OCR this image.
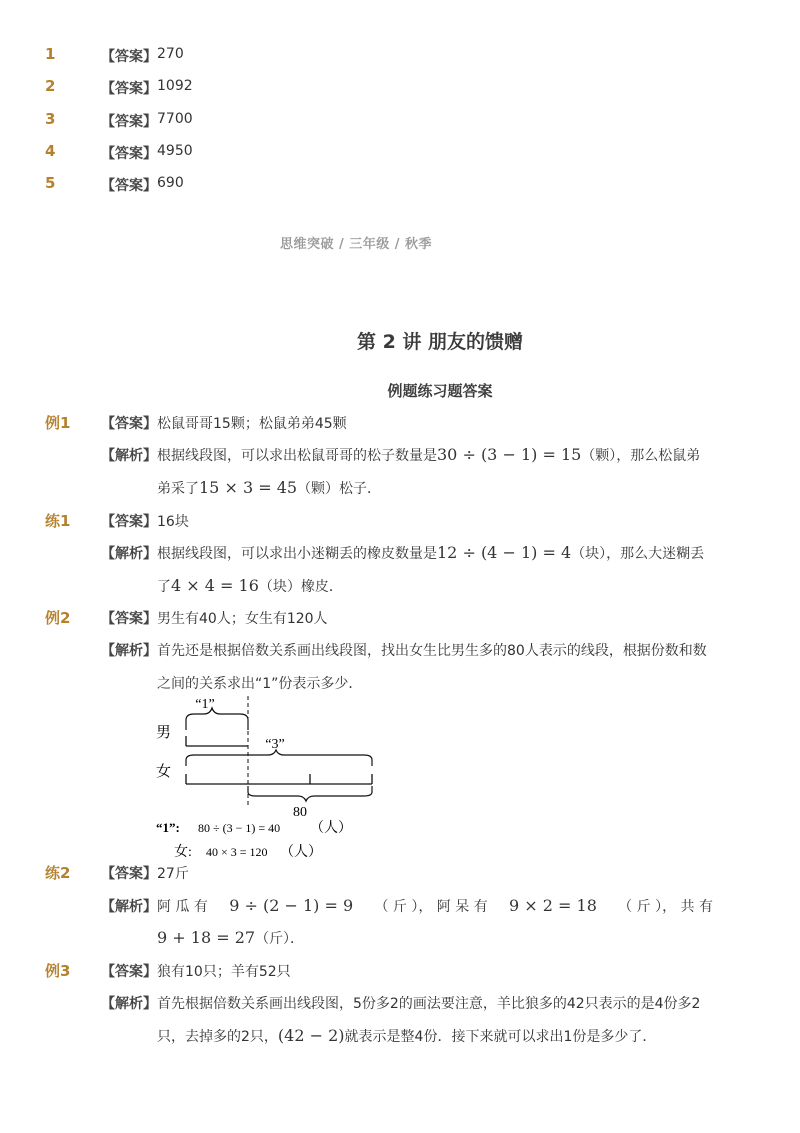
1	【答案】 270
2	【答案】 1092
3	【答案】 7700
4	【答案】 4950
5	【答案】 690
思维突破 / 三年级 / 秋季
第 2 讲 朋友的馈赠
例题练习题答案
例1 【答案】 松鼠哥哥15颗；松鼠弟弟45颗
【解析】 根据线段图，可以求出松鼠哥哥的松子数量是30 ÷ (3 − 1) = 15（颗），那么松鼠弟
弟采了15 × 3 = 45（颗）松子．
练1 【答案】 16块
【解析】 根据线段图，可以求出小迷糊丢的橡皮数量是12 ÷ (4 − 1) = 4（块），那么大迷糊丢
了4 × 4 = 16（块）橡皮．
例2 【答案】 男生有40人；女生有120人
【解析】 首先还是根据倍数关系画出线段图，找出女生比男生多的80人表示的线段，根据份数和数
之间的关系求出“1”份表示多少．
“1”
男
“3”
女
80
“1”: 80 ÷ (3 − 1) = 40 （人）
女: 40 × 3 = 120 （人）
练2 【答案】 27斤
【解析】 阿 瓜 有 9 ÷ (2 − 1) = 9 （ 斤 ）， 阿 呆 有 9 × 2 = 18 （ 斤 ）， 共 有
9 + 18 = 27（斤）．
例3 【答案】 狼有10只；羊有52只
【解析】 首先根据倍数关系画出线段图，5份多2的画法要注意，羊比狼多的42只表示的是4份多2
只，去掉多的2只，(42 − 2)就表示是整4份．接下来就可以求出1份是多少了．
